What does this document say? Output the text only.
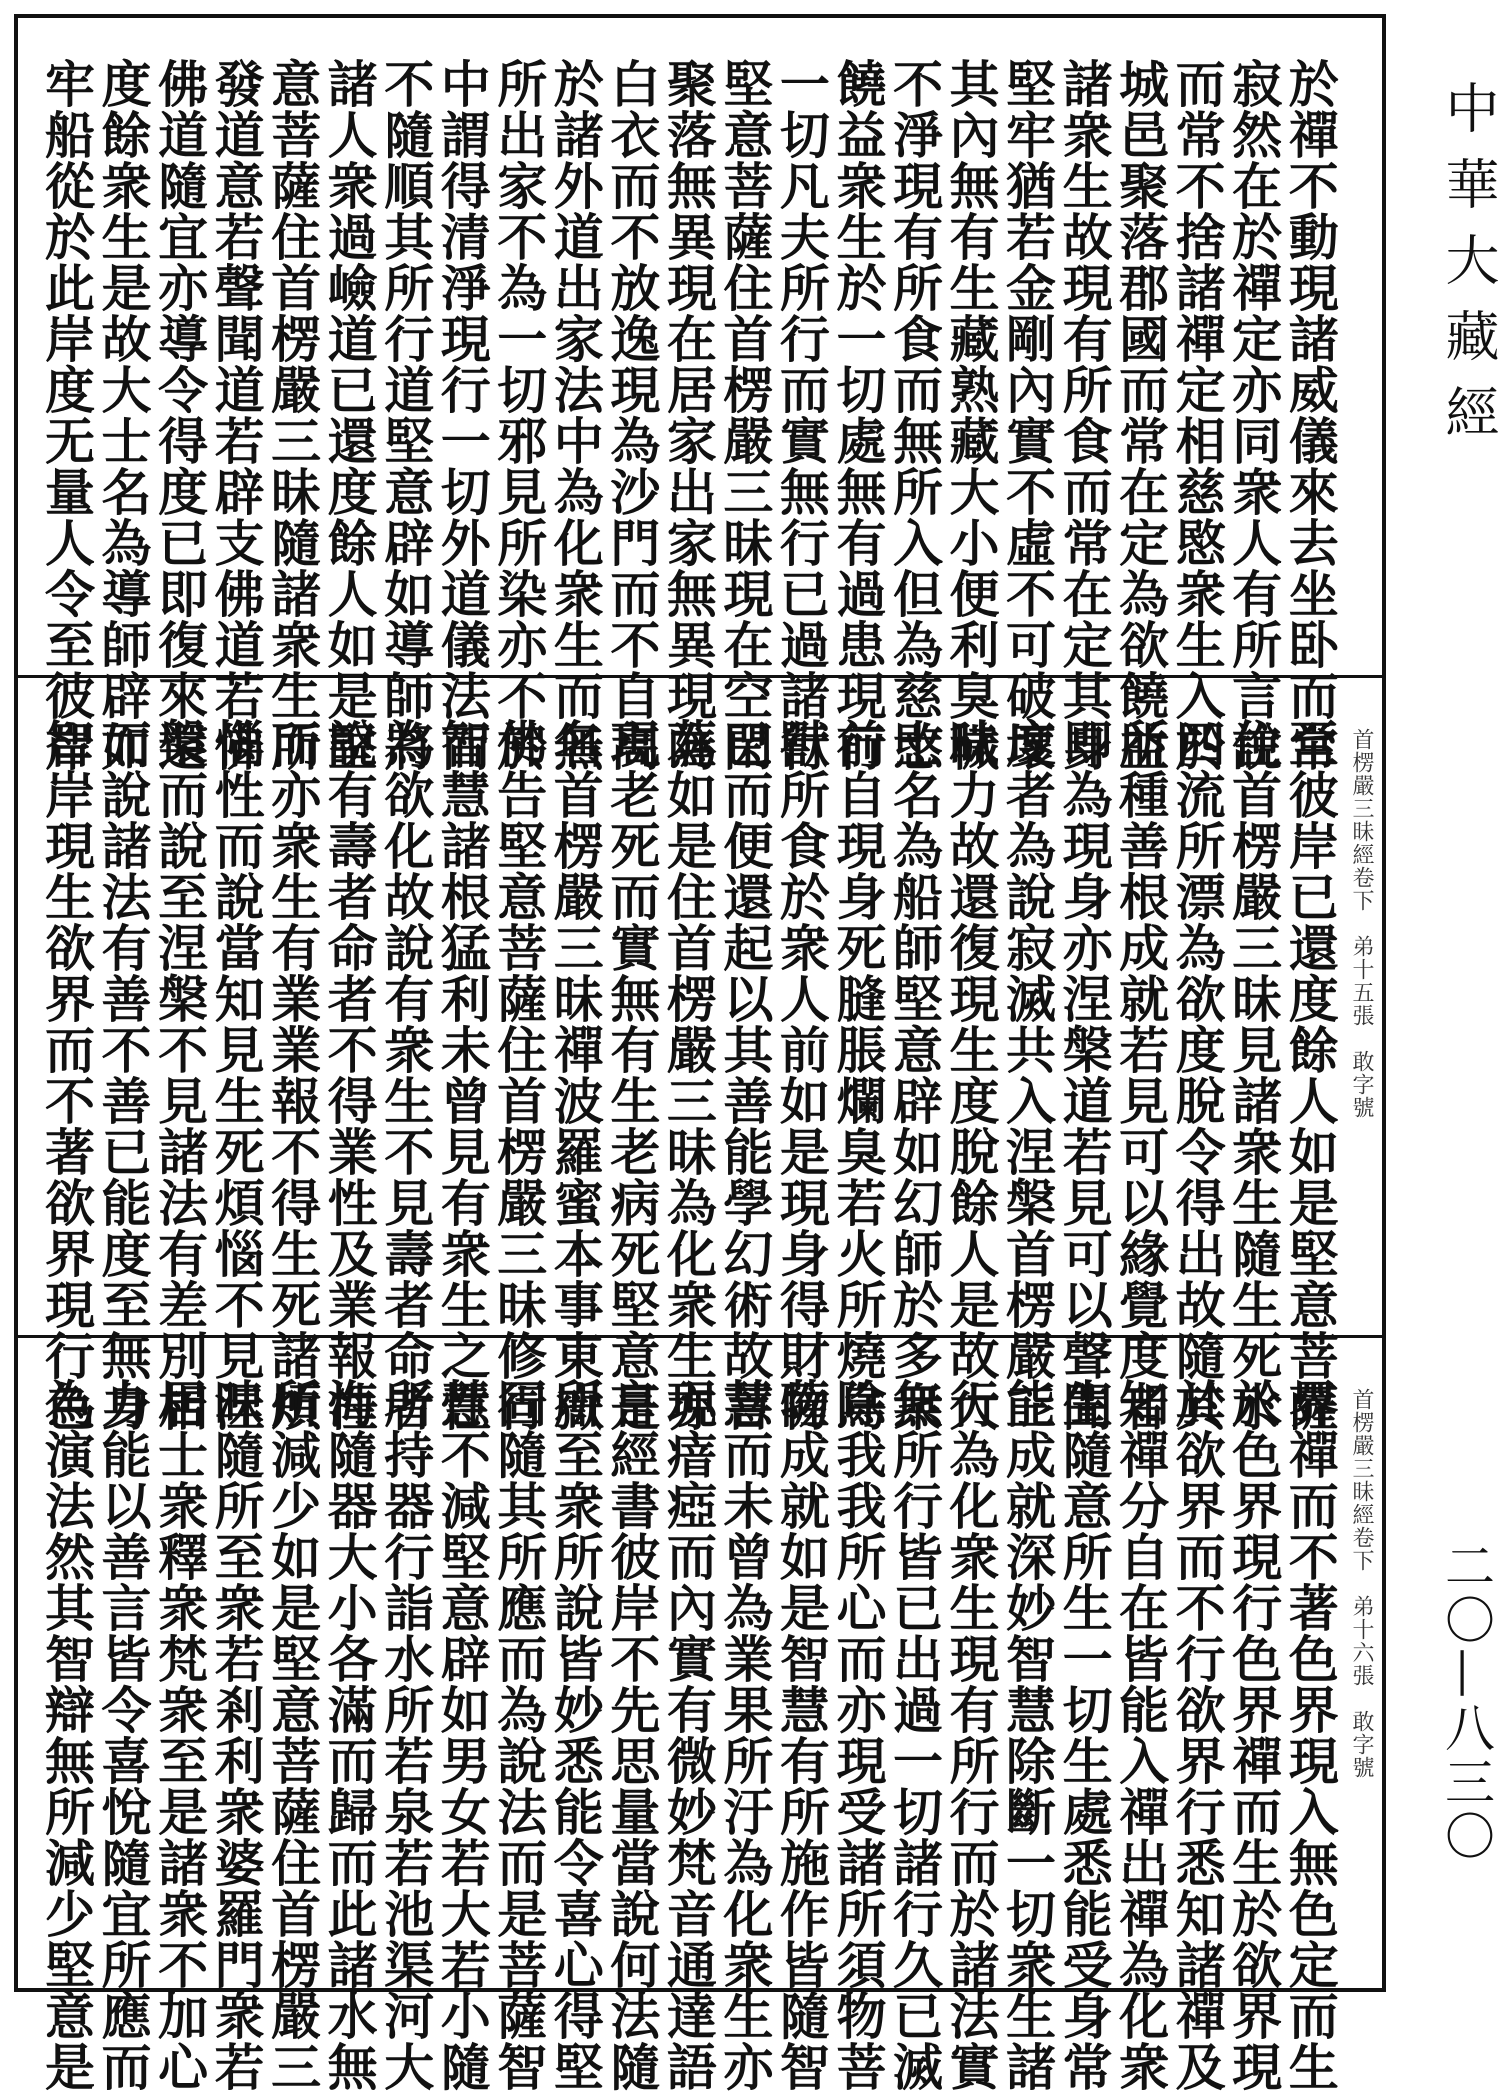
於禪不動現諸威儀來去坐卧而常
寂然在於禪定亦同衆人有所言說
而常不捨諸禪定相慈愍衆生入於
城邑聚落郡國而常在定為欲饒益
諸衆生故現有所食而常在定其身
堅牢猶若金剛內實不虛不可破壞
其內無有生藏熟藏大小便利臭穢
不淨現有所食而無所入但為慈愍
饒益衆生於一切處無有過患現行
一切凡夫所行而實無行已過諸行
堅意菩薩住首楞嚴三昧現在空閑
聚落無異現在居家出家無異現為
白衣而不放逸現為沙門而不自高
於諸外道出家法中為化衆生而無
所出家不為一切邪見所染亦不於
中謂得清淨現行一切外道儀法而
不隨順其所行道堅意辟如導師將
諸人衆過嶮道已還度餘人如是堅
意菩薩住首楞嚴三昧隨諸衆生所
發道意若聲聞道若辟支佛道若佛
佛道隨宜亦導令得度已即復來還
度餘衆生是故大士名為導師辟如
牢船從於此岸度无量人令至彼岸
首楞嚴三昧經卷下　弟十五張　敢字號
至彼岸已還度餘人如是堅意菩薩
住首楞嚴三昧見諸衆生隨生死水
四流所漂為欲度脫令得出故隨其
所種善根成就若見可以緣覺度者
即為現身亦涅槃道若見可以聲聞
度者為說寂滅共入涅槃首楞嚴三
昧力故還復現生度脫餘人是故大
士名為船師堅意辟如幻師於多衆
前自現身死膖脹爛臭若火所燒鳥
獸所食於衆人前如是現身得財物
已而便還起以其善能學幻術故菩
薩如是住首楞嚴三昧為化衆生亦
現老死而實無有生老病死堅意是
名首楞嚴三昧禪波羅蜜本事東嶽
佛告堅意菩薩住首楞嚴三昧修行
智慧諸根猛利未曾見有衆生之性
為欲化故說有衆生不見壽者命者
說有壽者命者不得業性及業報性
而亦衆生有業業報不得生死諸煩
惱性而說當知見生死煩惱不見涅
槃而說至涅槃不見諸法有差別相
而說諸法有善不善已能度至無身
智岸現生欲界而不著欲界現行色
首楞嚴三昧經卷下　弟十六張　敢字號
界禪而不著色界現入無色定而生
於色界現行色界禪而生於欲界現
於欲界而不行欲界行悉知諸禪及
知禪分自在皆能入禪出禪為化衆
生隨意所生一切生處悉能受身常
能成就深妙智慧除斷一切衆生諸
行為化衆生現有所行而於諸法實
無所行皆已出過一切諸行久已滅
除我我所心而亦現受諸所須物菩
薩成就如是智慧有所施作皆隨智
慧而未曾為業果所汙為化衆生亦
現瘖瘂而內實有微妙梵音通達語
言經書彼岸不先思量當說何法隨
所至衆所說皆妙悉能令喜心得堅
固隨其所應而為說法而是菩薩智
慧不減堅意辟如男女若大若小隨
所持器行詣水所若泉若池渠河大
海隨器大小各滿而歸而此諸水無
所減少如是堅意菩薩住首楞嚴三
昧隨所至衆若剎利衆婆羅門衆若
居士衆釋衆梵衆至是諸衆不加心
力能以善言皆令喜悅隨宜所應而
為演法然其智辯無所減少堅意是
中華大藏經
二〇—八三〇
